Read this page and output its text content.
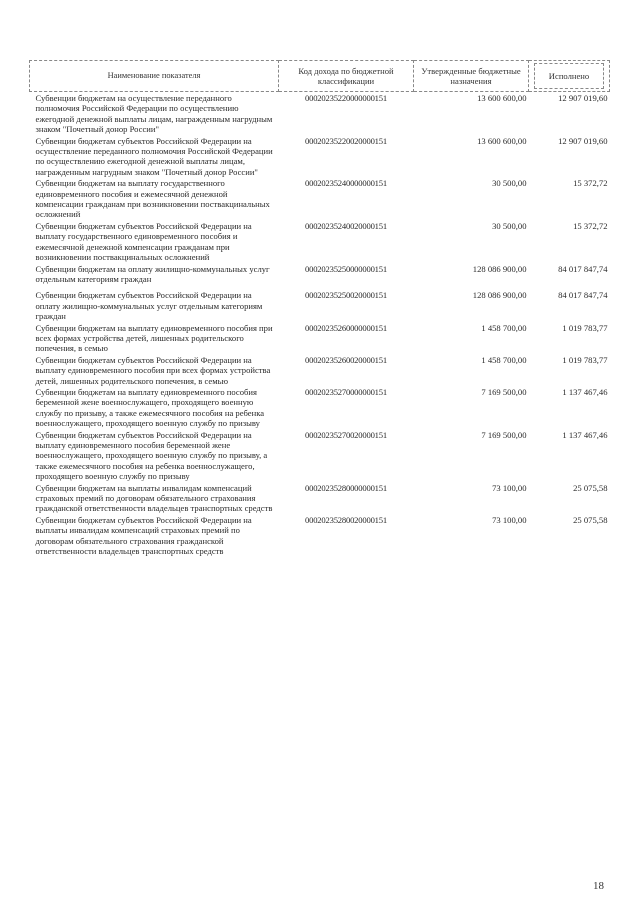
Наименование показателя	Код дохода по бюджетной классификации	Утвержденные бюджетные назначения	Исполнено
Субвенции бюджетам на осуществление переданного полномочия Российской Федерации по осуществлению ежегодной денежной выплаты лицам, награжденным нагрудным знаком "Почетный донор России"	00020235220000000151	13 600 600,00	12 907 019,60
Субвенции бюджетам субъектов Российской Федерации на осуществление переданного полномочия Российской Федерации по осуществлению ежегодной денежной выплаты лицам, награжденным нагрудным знаком "Почетный донор России"	00020235220020000151	13 600 600,00	12 907 019,60
Субвенции бюджетам на выплату государственного единовременного пособия и ежемесячной денежной компенсации гражданам при возникновении поствакцинальных осложнений	00020235240000000151	30 500,00	15 372,72
Субвенции бюджетам субъектов Российской Федерации на выплату государственного единовременного пособия и ежемесячной денежной компенсации гражданам при возникновении поствакцинальных осложнений	00020235240020000151	30 500,00	15 372,72
Субвенции бюджетам на оплату жилищно-коммунальных услуг отдельным категориям граждан	00020235250000000151	128 086 900,00	84 017 847,74
Субвенции бюджетам субъектов Российской Федерации на оплату жилищно-коммунальных услуг отдельным категориям граждан	00020235250020000151	128 086 900,00	84 017 847,74
Субвенции бюджетам на выплату единовременного пособия при всех формах устройства детей, лишенных родительского попечения, в семью	00020235260000000151	1 458 700,00	1 019 783,77
Субвенции бюджетам субъектов Российской Федерации на выплату единовременного пособия при всех формах устройства детей, лишенных родительского попечения, в семью	00020235260020000151	1 458 700,00	1 019 783,77
Субвенции бюджетам на выплату единовременного пособия беременной жене военнослужащего, проходящего военную службу по призыву, а также ежемесячного пособия на ребенка военнослужащего, проходящего военную службу по призыву	00020235270000000151	7 169 500,00	1 137 467,46
Субвенции бюджетам субъектов Российской Федерации на выплату единовременного пособия беременной жене военнослужащего, проходящего военную службу по призыву, а также ежемесячного пособия на ребенка военнослужащего, проходящего военную службу по призыву	00020235270020000151	7 169 500,00	1 137 467,46
Субвенции бюджетам на выплаты инвалидам компенсаций страховых премий по договорам обязательного страхования гражданской ответственности владельцев транспортных средств	00020235280000000151	73 100,00	25 075,58
Субвенции бюджетам субъектов Российской Федерации на выплаты инвалидам компенсаций страховых премий по договорам обязательного страхования гражданской ответственности владельцев транспортных средств	00020235280020000151	73 100,00	25 075,58
18
